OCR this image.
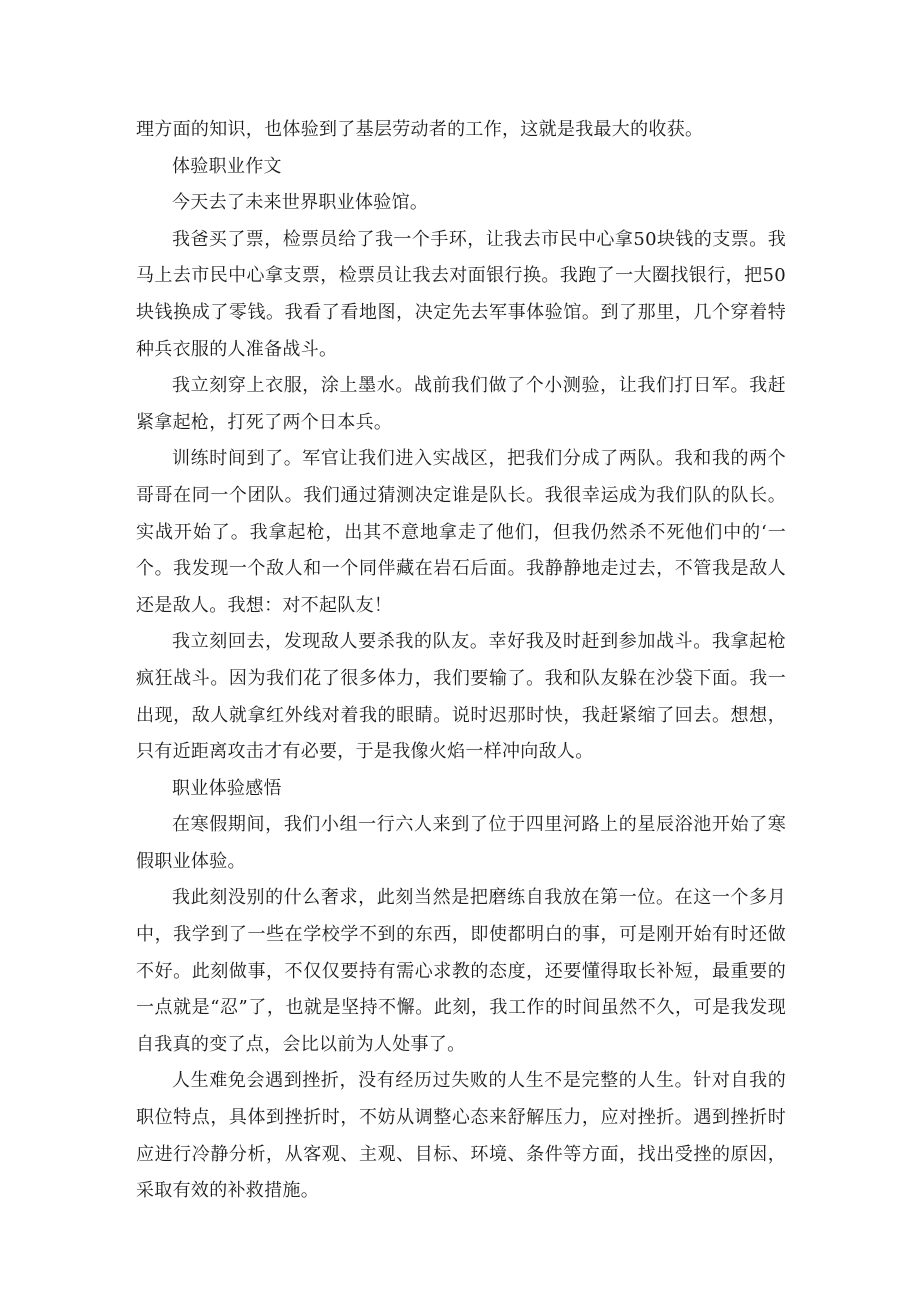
理方面的知识，也体验到了基层劳动者的工作，这就是我最大的收获。

体验职业作文

今天去了未来世界职业体验馆。

我爸买了票，检票员给了我一个手环，让我去市民中心拿50块钱的支票。我马上去市民中心拿支票，检票员让我去对面银行换。我跑了一大圈找银行，把50块钱换成了零钱。我看了看地图，决定先去军事体验馆。到了那里，几个穿着特种兵衣服的人准备战斗。

我立刻穿上衣服，涂上墨水。战前我们做了个小测验，让我们打日军。我赶紧拿起枪，打死了两个日本兵。

训练时间到了。军官让我们进入实战区，把我们分成了两队。我和我的两个哥哥在同一个团队。我们通过猜测决定谁是队长。我很幸运成为我们队的队长。实战开始了。我拿起枪，出其不意地拿走了他们，但我仍然杀不死他们中的‘一个。我发现一个敌人和一个同伴藏在岩石后面。我静静地走过去，不管我是敌人还是敌人。我想：对不起队友！

我立刻回去，发现敌人要杀我的队友。幸好我及时赶到参加战斗。我拿起枪疯狂战斗。因为我们花了很多体力，我们要输了。我和队友躲在沙袋下面。我一出现，敌人就拿红外线对着我的眼睛。说时迟那时快，我赶紧缩了回去。想想，只有近距离攻击才有必要，于是我像火焰一样冲向敌人。

职业体验感悟

在寒假期间，我们小组一行六人来到了位于四里河路上的星辰浴池开始了寒假职业体验。

我此刻没别的什么奢求，此刻当然是把磨练自我放在第一位。在这一个多月中，我学到了一些在学校学不到的东西，即使都明白的事，可是刚开始有时还做不好。此刻做事，不仅仅要持有需心求教的态度，还要懂得取长补短，最重要的一点就是“忍”了，也就是坚持不懈。此刻，我工作的时间虽然不久，可是我发现自我真的变了点，会比以前为人处事了。

人生难免会遇到挫折，没有经历过失败的人生不是完整的人生。针对自我的职位特点，具体到挫折时，不妨从调整心态来舒解压力，应对挫折。遇到挫折时应进行冷静分析，从客观、主观、目标、环境、条件等方面，找出受挫的原因，采取有效的补救措施。
